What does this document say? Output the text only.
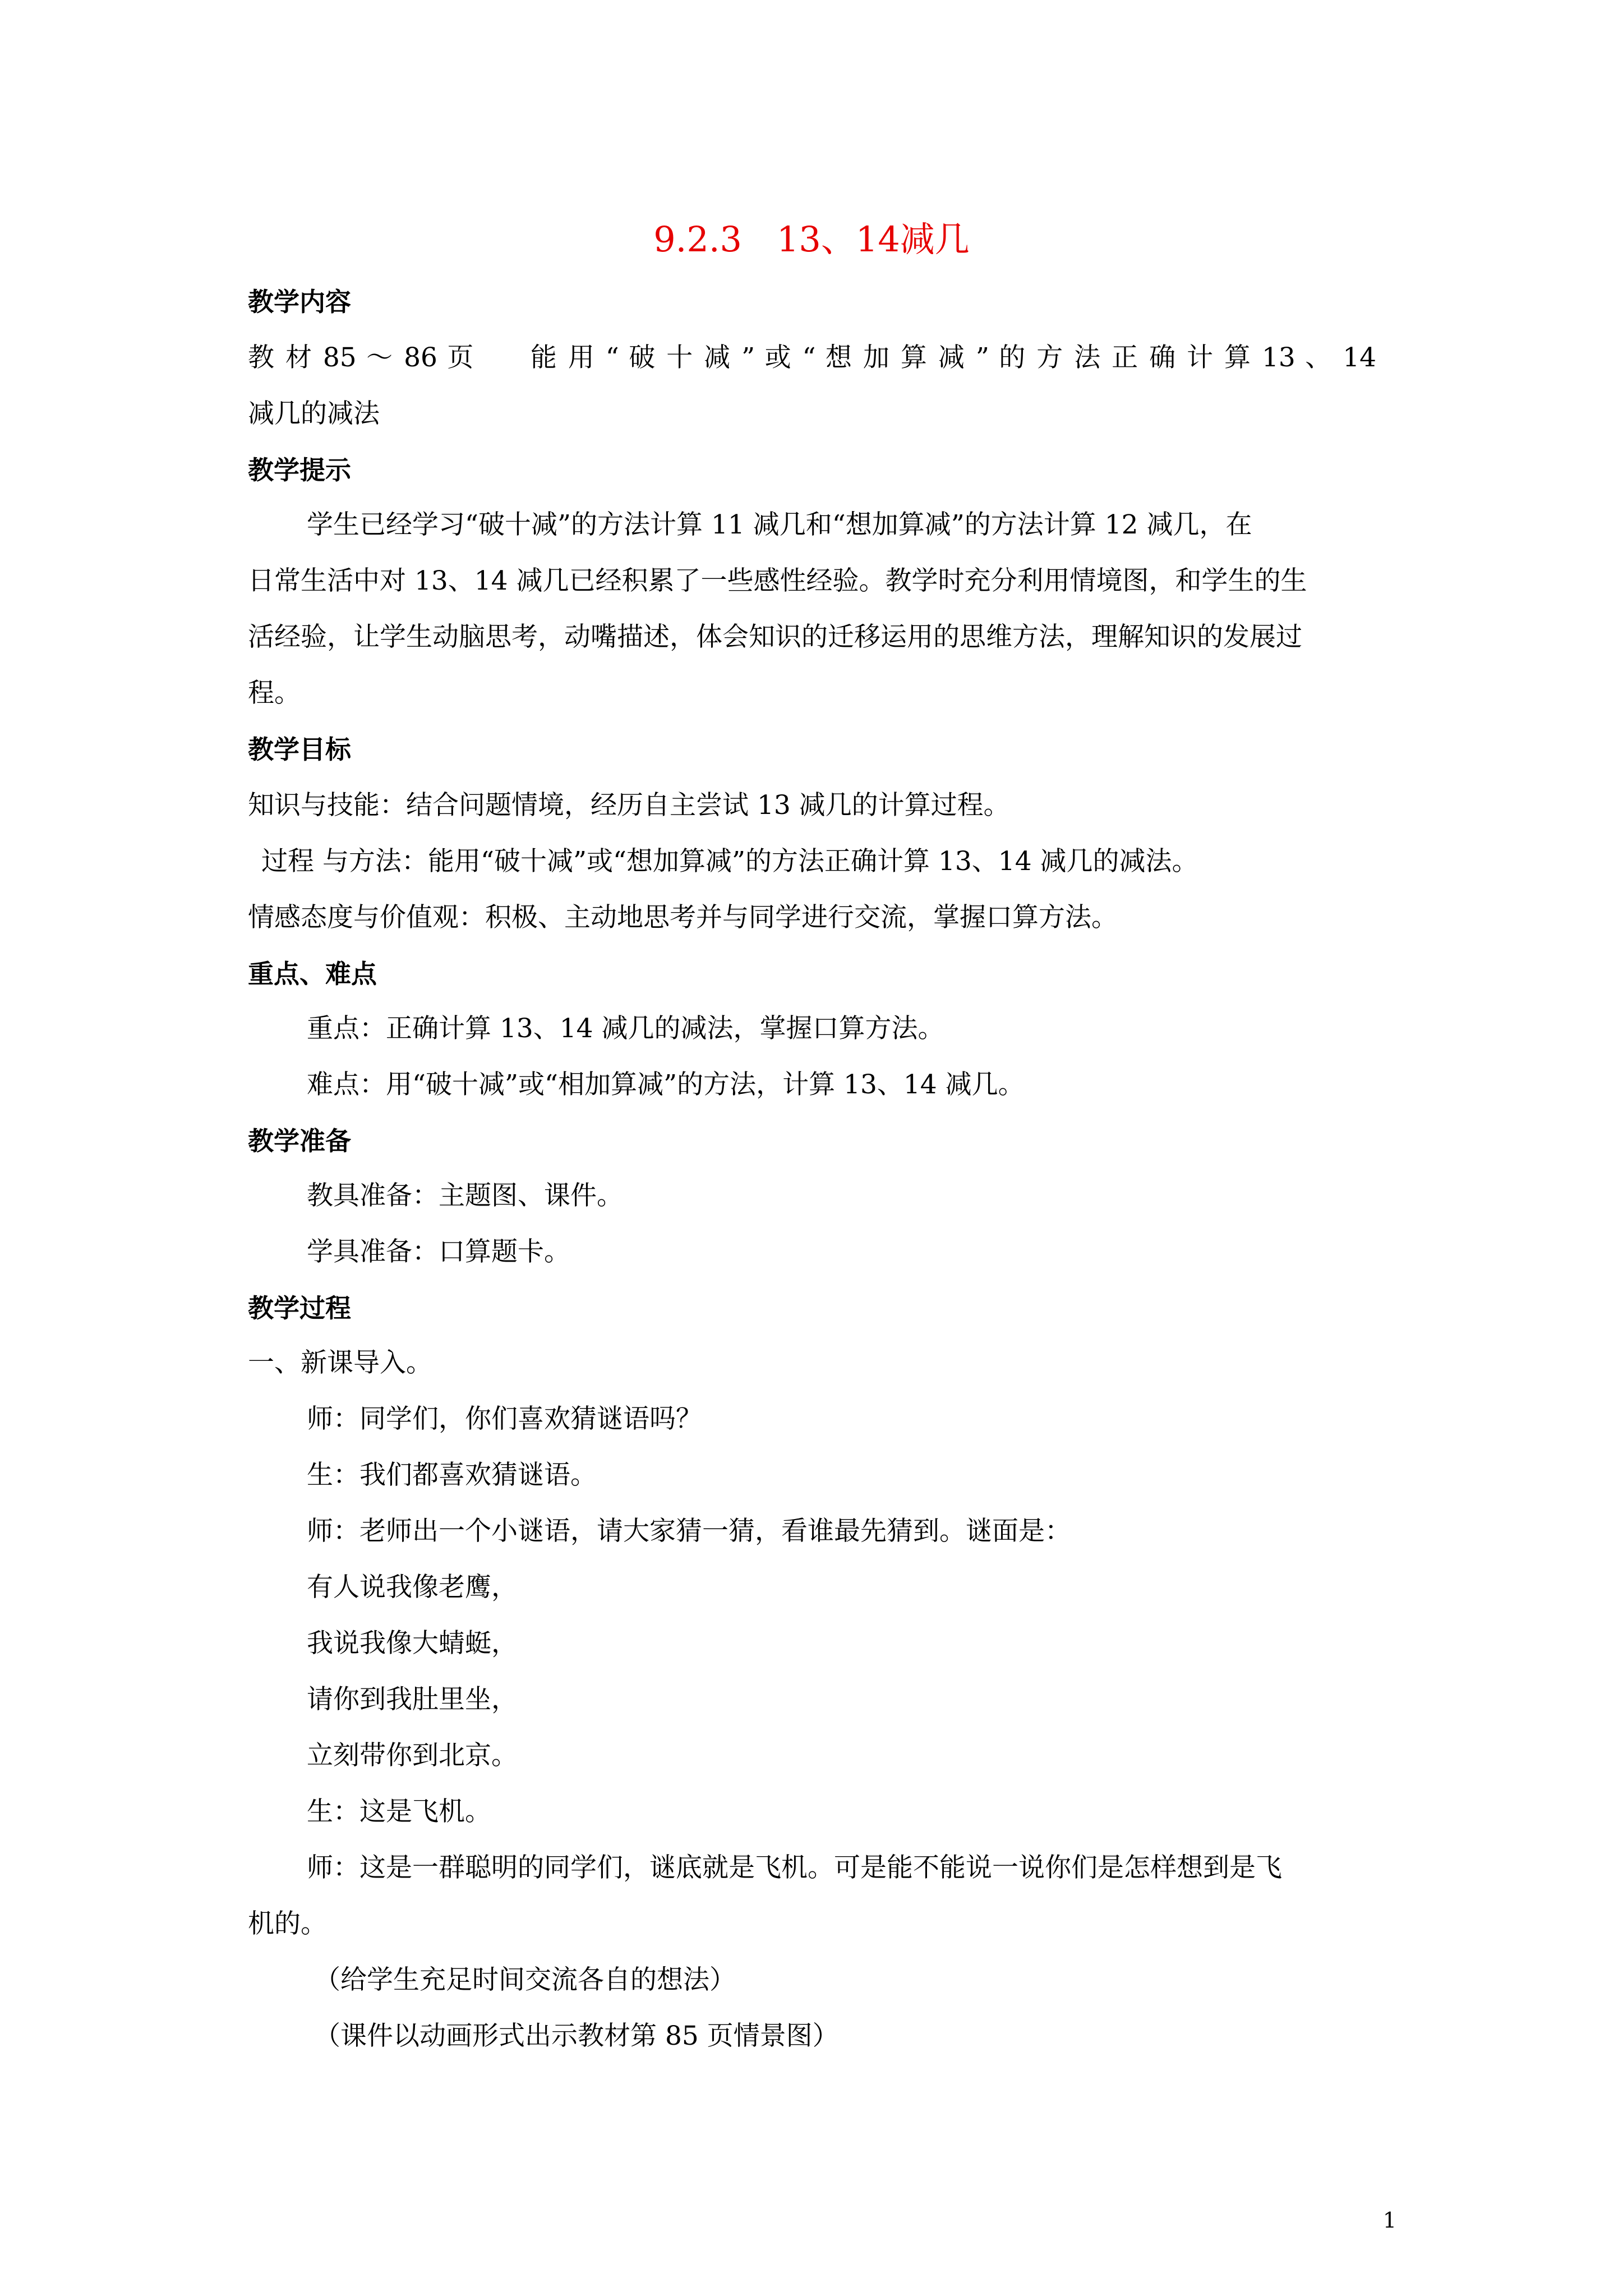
9.2.3　13、14减几
教学内容
教 材 85 ～ 86 页　　能 用 “ 破 十 减 ” 或 “ 想 加 算 减 ” 的 方 法 正 确 计 算 13 、 14
减几的减法
教学提示
学生已经学习“破十减”的方法计算 11 减几和“想加算减”的方法计算 12 减几，在
日常生活中对 13、14 减几已经积累了一些感性经验。教学时充分利用情境图，和学生的生
活经验，让学生动脑思考，动嘴描述，体会知识的迁移运用的思维方法，理解知识的发展过
程。
教学目标
知识与技能：结合问题情境，经历自主尝试 13 减几的计算过程。
过程 与方法：能用“破十减”或“想加算减”的方法正确计算 13、14 减几的减法。
情感态度与价值观：积极、主动地思考并与同学进行交流，掌握口算方法。
重点、难点
重点：正确计算 13、14 减几的减法，掌握口算方法。
难点：用“破十减”或“相加算减”的方法，计算 13、14 减几。
教学准备
教具准备：主题图、课件。
学具准备：口算题卡。
教学过程
一、新课导入。
师：同学们，你们喜欢猜谜语吗？
生：我们都喜欢猜谜语。
师：老师出一个小谜语，请大家猜一猜，看谁最先猜到。谜面是：
有人说我像老鹰，
我说我像大蜻蜓，
请你到我肚里坐，
立刻带你到北京。
生：这是飞机。
师：这是一群聪明的同学们，谜底就是飞机。可是能不能说一说你们是怎样想到是飞
机的。
（给学生充足时间交流各自的想法）
（课件以动画形式出示教材第 85 页情景图）
1
